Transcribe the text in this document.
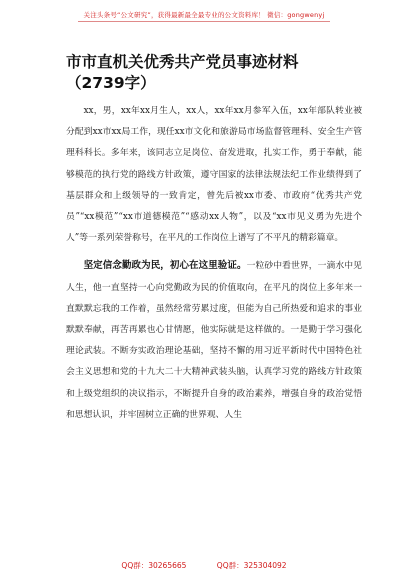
关注头条号“公文研究”，获得最新最全最专业的公文资料库！ 微信：gongwenyj
市市直机关优秀共产党员事迹材料（2739字）

xx，男，xx年xx月生人，xx人，xx年xx月参军入伍，xx年部队转业被分配到xx市xx局工作，现任xx市文化和旅游局市场监督管理科、安全生产管理科科长。多年来，该同志立足岗位、奋发进取，扎实工作，勇于奉献，能够模范的执行党的路线方针政策，遵守国家的法律法规法纪工作业绩得到了基层群众和上级领导的一致肯定，曾先后被xx市委、市政府“优秀共产党员”“xx模范”“xx市道德模范”“感动xx人物”，以及“xx市见义勇为先进个人”等一系列荣誉称号，在平凡的工作岗位上谱写了不平凡的精彩篇章。

坚定信念勤政为民，初心在这里验证。一粒砂中看世界，一滴水中见人生，他一直坚持一心向党勤政为民的价值取向，在平凡的岗位上多年来一直默默忘我的工作着，虽然经常劳累过度，但能为自己所热爱和追求的事业默默奉献，再苦再累也心甘情愿，他实际就是这样做的。一是勤于学习强化理论武装。不断夯实政治理论基础，坚持不懈的用习近平新时代中国特色社会主义思想和党的十九大二十大精神武装头脑，认真学习党的路线方针政策和上级党组织的决议指示，不断提升自身的政治素养，增强自身的政治觉悟和思想认识，并牢固树立正确的世界观、人生

QQ群：30265665	QQ群：325304092
